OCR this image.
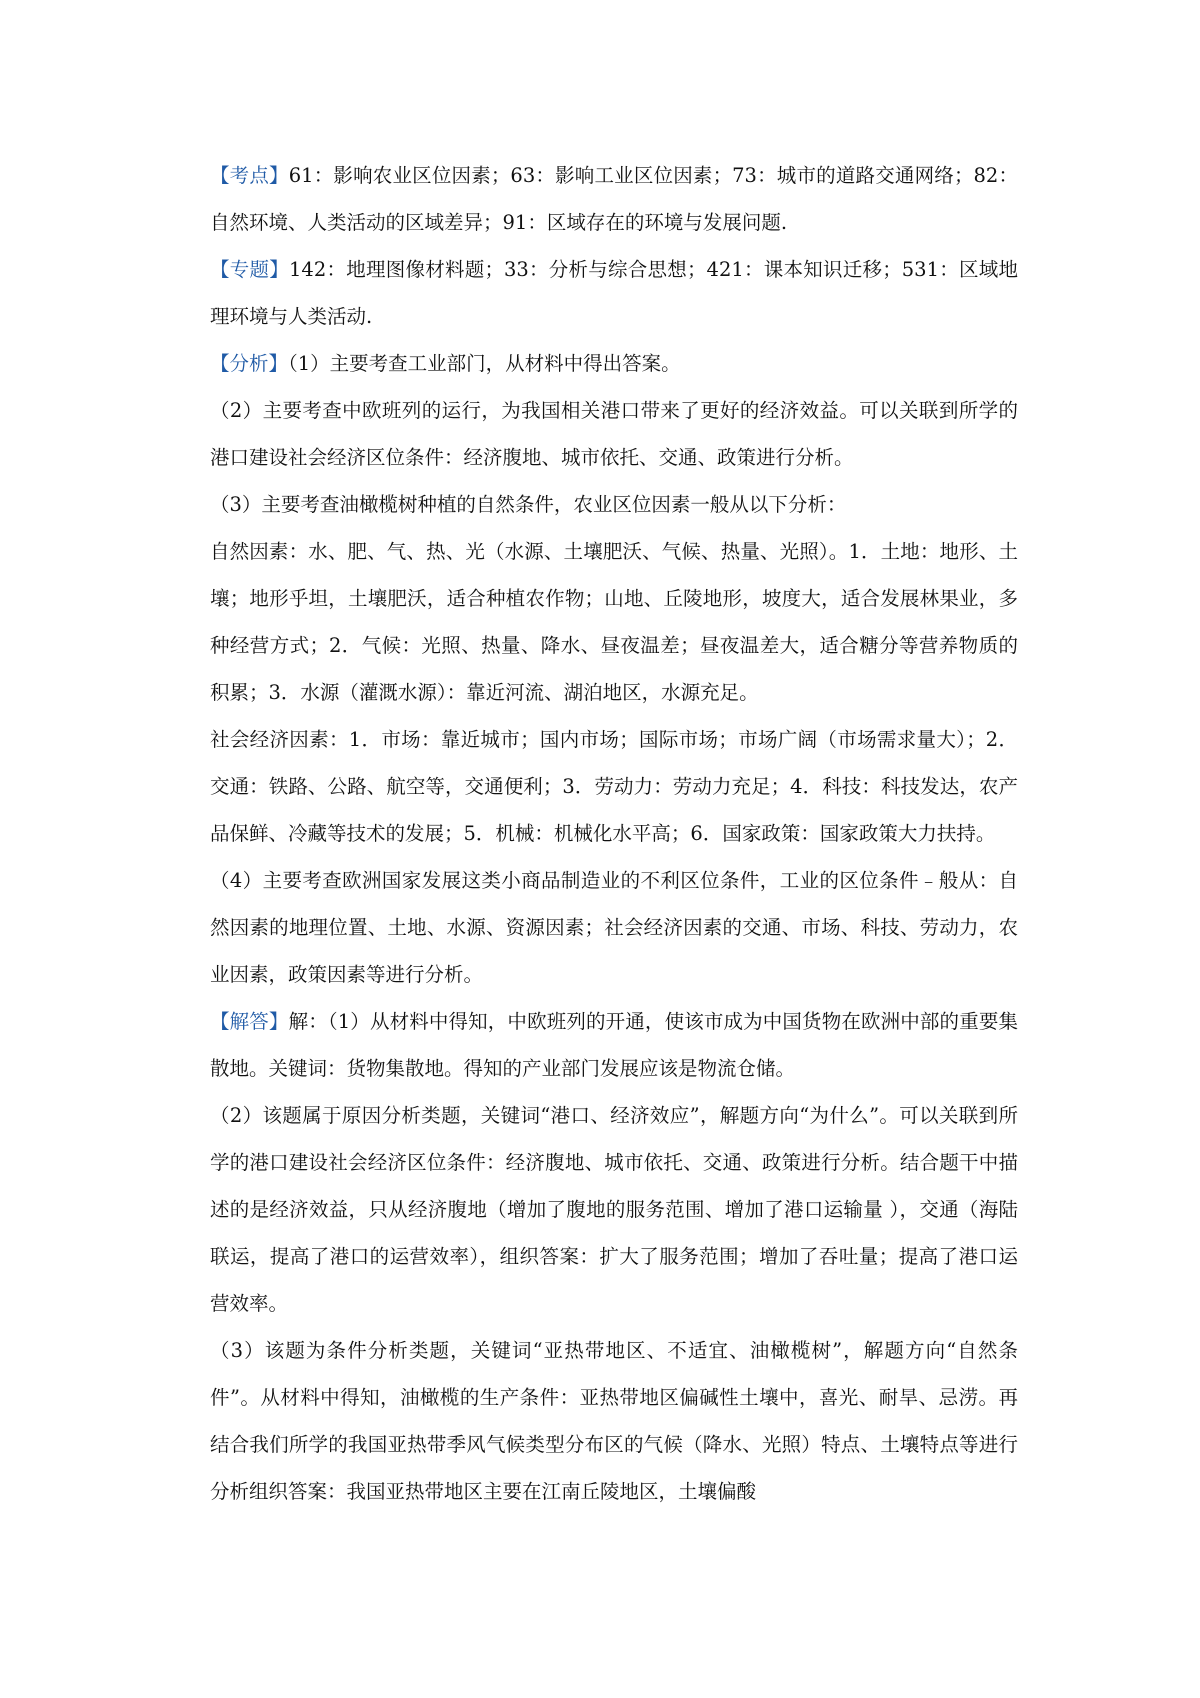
【考点】61：影响农业区位因素；63：影响工业区位因素；73：城市的道路交通网络；82：自然环境、人类活动的区域差异；91：区域存在的环境与发展问题.

【专题】142：地理图像材料题；33：分析与综合思想；421：课本知识迁移；531：区域地理环境与人类活动.

【分析】（1）主要考查工业部门，从材料中得出答案。

（2）主要考查中欧班列的运行，为我国相关港口带来了更好的经济效益。可以关联到所学的港口建设社会经济区位条件：经济腹地、城市依托、交通、政策进行分析。

（3）主要考查油橄榄树种植的自然条件，农业区位因素一般从以下分析：

自然因素：水、肥、气、热、光（水源、土壤肥沃、气候、热量、光照）。1．土地：地形、土壤；地形乎坦，土壤肥沃，适合种植农作物；山地、丘陵地形，坡度大，适合发展林果业，多种经营方式；2．气候：光照、热量、降水、昼夜温差；昼夜温差大，适合糖分等营养物质的积累；3．水源（灌溉水源）：靠近河流、湖泊地区，水源充足。

社会经济因素：1．市场：靠近城市；国内市场；国际市场；市场广阔（市场需求量大）；2．交通：铁路、公路、航空等，交通便利；3．劳动力：劳动力充足；4．科技：科技发达，农产品保鲜、冷藏等技术的发展；5．机械：机械化水平高；6．国家政策：国家政策大力扶持。

（4）主要考查欧洲国家发展这类小商品制造业的不利区位条件，工业的区位条件﹣般从：自然因素的地理位置、土地、水源、资源因素；社会经济因素的交通、市场、科技、劳动力，农业因素，政策因素等进行分析。

【解答】解：（1）从材料中得知，中欧班列的开通，使该市成为中国货物在欧洲中部的重要集散地。关键词：货物集散地。得知的产业部门发展应该是物流仓储。

（2）该题属于原因分析类题，关键词“港口、经济效应”，解题方向“为什么”。可以关联到所学的港口建设社会经济区位条件：经济腹地、城市依托、交通、政策进行分析。结合题干中描述的是经济效益，只从经济腹地（增加了腹地的服务范围、增加了港口运输量 ），交通（海陆联运，提高了港口的运营效率），组织答案：扩大了服务范围；增加了吞吐量；提高了港口运营效率。

（3）该题为条件分析类题，关键词“亚热带地区、不适宜、油橄榄树”，解题方向“自然条件”。从材料中得知，油橄榄的生产条件：亚热带地区偏碱性土壤中，喜光、耐旱、忌涝。再结合我们所学的我国亚热带季风气候类型分布区的气候（降水、光照）特点、土壤特点等进行分析组织答案：我国亚热带地区主要在江南丘陵地区，土壤偏酸
